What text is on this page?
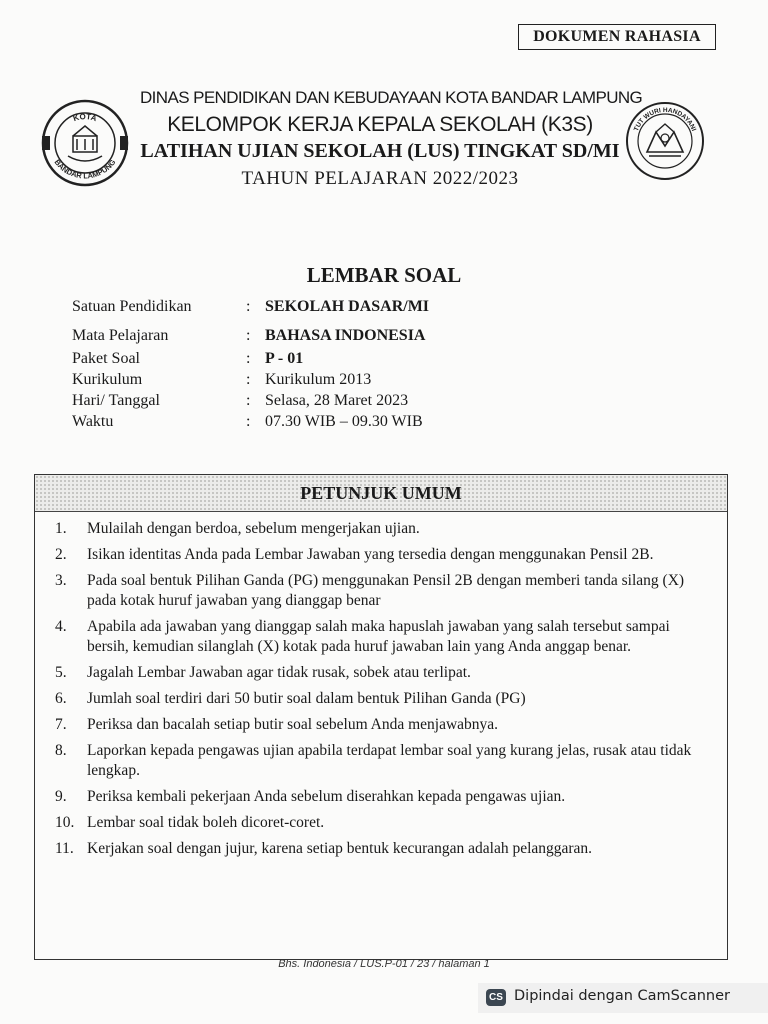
DOKUMEN RAHASIA
KOTA
BANDAR LAMPUNG
TUT WURI HANDAYANI
DINAS PENDIDIKAN DAN KEBUDAYAAN KOTA BANDAR LAMPUNG
KELOMPOK KERJA KEPALA SEKOLAH (K3S)
LATIHAN UJIAN SEKOLAH (LUS) TINGKAT SD/MI
TAHUN PELAJARAN 2022/2023
LEMBAR SOAL
Satuan Pendidikan	: SEKOLAH DASAR/MI
Mata Pelajaran	: BAHASA INDONESIA
Paket Soal	: P - 01
Kurikulum	: Kurikulum 2013
Hari/ Tanggal	: Selasa, 28 Maret 2023
Waktu	: 07.30 WIB – 09.30 WIB
PETUNJUK UMUM
1.	Mulailah dengan berdoa, sebelum mengerjakan ujian.
2.	Isikan identitas Anda pada Lembar Jawaban yang tersedia dengan menggunakan Pensil 2B.
3.	Pada soal bentuk Pilihan Ganda (PG) menggunakan Pensil 2B dengan memberi tanda silang (X) pada kotak huruf jawaban yang dianggap benar
4.	Apabila ada jawaban yang dianggap salah maka hapuslah jawaban yang salah tersebut sampai bersih, kemudian silanglah (X) kotak pada huruf jawaban lain yang Anda anggap benar.
5.	Jagalah Lembar Jawaban agar tidak rusak, sobek atau terlipat.
6.	Jumlah soal terdiri dari 50 butir soal dalam bentuk Pilihan Ganda (PG)
7.	Periksa dan bacalah setiap butir soal sebelum Anda menjawabnya.
8.	Laporkan kepada pengawas ujian apabila terdapat lembar soal yang kurang jelas, rusak atau tidak lengkap.
9.	Periksa kembali pekerjaan Anda sebelum diserahkan kepada pengawas ujian.
10. Lembar soal tidak boleh dicoret-coret.
11. Kerjakan soal dengan jujur, karena setiap bentuk kecurangan adalah pelanggaran.
Bhs. Indonesia / LUS.P-01 / 23 / halaman 1
CS Dipindai dengan CamScanner
